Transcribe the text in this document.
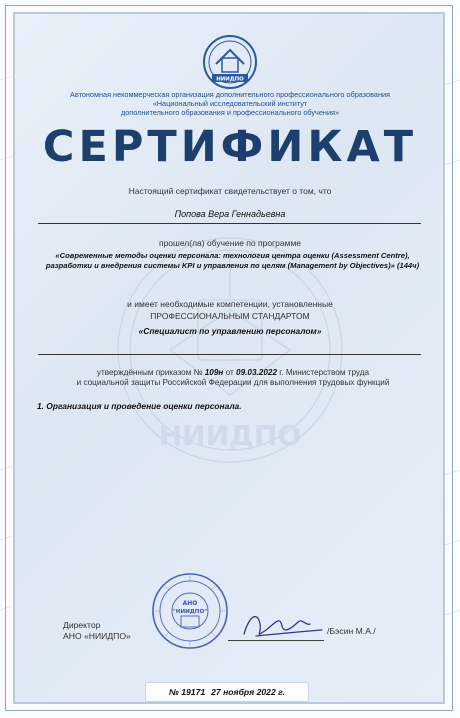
НИИДПО
НИИДПО
Автономная некоммерческая организация дополнительного профессионального образования
«Национальный исследовательский институт
дополнительного образования и профессионального обучения»
СЕРТИФИКАТ
Настоящий сертификат свидетельствует о том, что
Попова Вера Геннадьевна
прошел(ла) обучение по программе
«Современные методы оценки персонала: технология центра оценки (Assessment Centre), разработки и внедрения системы KPI и управления по целям (Management by Objectives)» (144ч)
и имеет необходимые компетенции, установленные
ПРОФЕССИОНАЛЬНЫМ СТАНДАРТОМ
«Специалист по управлению персоналом»
утверждённым приказом № 109н от 09.03.2022 г. Министерством труда
и социальной защиты Российской Федерации для выполнения трудовых функций
1. Организация и проведение оценки персонала.
Директор
АНО «НИИДПО»
АНО
"НИИДПО"
/Бэсин М.А./
№ 19171 27 ноября 2022 г.
